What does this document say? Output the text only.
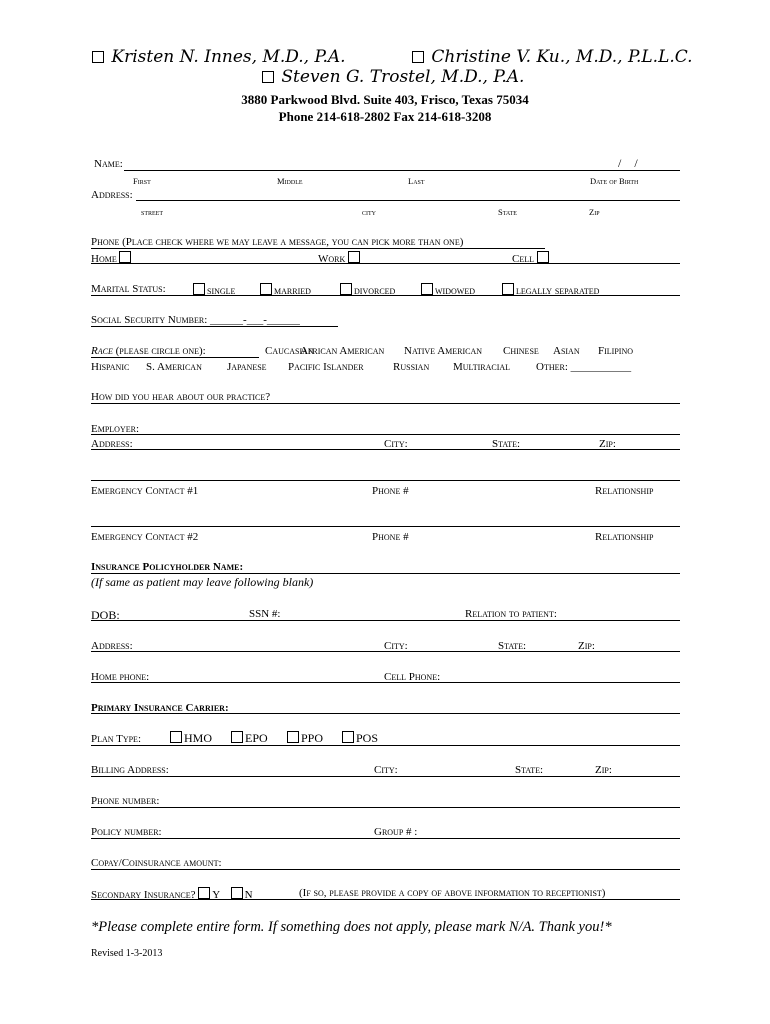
Kristen N. Innes, M.D., P.A.	Christine V. Ku., M.D., P.L.L.C.
Steven G. Trostel, M.D., P.A.
3880 Parkwood Blvd. Suite 403, Frisco, Texas 75034
Phone 214-618-2802 Fax 214-618-3208
Name:	/ /
First	Middle	Last	Date of Birth
Address:
street	city	State	Zip
Phone (Place check where we may leave a message, you can pick more than one)
Home	Work	Cell
Marital Status:	single	married	divorced	widowed	legally separated
Social Security Number: ______-___-______
Race (please circle one):	Caucasian
African American Native American Chinese Asian Filipino
Hispanic S. American Japanese Pacific Islander	Russian Multiracial Other: ___________
How did you hear about our practice?
Employer:
Address:	City:	State:	Zip:
Emergency Contact #1	Phone #	Relationship
Emergency Contact #2	Phone #	Relationship
Insurance Policyholder Name:
(If same as patient may leave following blank)
DOB:	SSN #:	Relation to patient:
Address:	City:	State:	Zip:
Home phone:	Cell Phone:
Primary Insurance Carrier:
Plan Type:	HMO	EPO	PPO	POS
Billing Address:	City:	State:	Zip:
Phone number:
Policy number:	Group # :
Copay/Coinsurance amount:
Secondary Insurance? Y N	(If so, please provide a copy of above information to receptionist)
*Please complete entire form. If something does not apply, please mark N/A. Thank you!*
Revised 1-3-2013
